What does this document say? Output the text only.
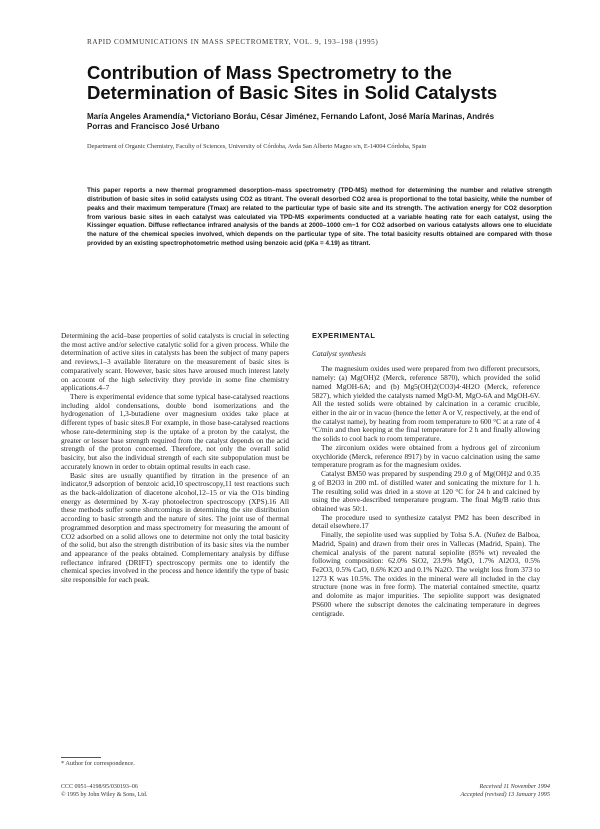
RAPID COMMUNICATIONS IN MASS SPECTROMETRY, VOL. 9, 193–198 (1995)
Contribution of Mass Spectrometry to the Determination of Basic Sites in Solid Catalysts
María Angeles Aramendía,* Victoriano Boráu, César Jiménez, Fernando Lafont, José María Marinas, Andrés Porras and Francisco José Urbano
Department of Organic Chemistry, Faculty of Sciences, University of Córdoba, Avda San Alberto Magno s/n, E-14004 Córdoba, Spain
This paper reports a new thermal programmed desorption–mass spectrometry (TPD-MS) method for determining the number and relative strength distribution of basic sites in solid catalysts using CO2 as titrant. The overall desorbed CO2 area is proportional to the total basicity, while the number of peaks and their maximum temperature (Tmax) are related to the particular type of basic site and its strength. The activation energy for CO2 desorption from various basic sites in each catalyst was calculated via TPD-MS experiments conducted at a variable heating rate for each catalyst, using the Kissinger equation. Diffuse reflectance infrared analysis of the bands at 2000–1000 cm−1 for CO2 adsorbed on various catalysts allows one to elucidate the nature of the chemical species involved, which depends on the particular type of site. The total basicity results obtained are compared with those provided by an existing spectrophotometric method using benzoic acid (pKa = 4.19) as titrant.

Determining the acid–base properties of solid catalysts is crucial in selecting the most active and/or selective catalytic solid for a given process. While the determination of active sites in catalysts has been the subject of many papers and reviews,1–3 available literature on the measurement of basic sites is comparatively scant. However, basic sites have aroused much interest lately on account of the high selectivity they provide in some fine chemistry applications.4–7

There is experimental evidence that some typical base-catalysed reactions including aldol condensations, double bond isomerizations and the hydrogenation of 1,3-butadiene over magnesium oxides take place at different types of basic sites.8 For example, in those base-catalysed reactions whose rate-determining step is the uptake of a proton by the catalyst, the greater or lesser base strength required from the catalyst depends on the acid strength of the proton concerned. Therefore, not only the overall solid basicity, but also the individual strength of each site subpopulation must be accurately known in order to obtain optimal results in each case.

Basic sites are usually quantified by titration in the presence of an indicator,9 adsorption of benzoic acid,10 spectroscopy,11 test reactions such as the back-aldolization of diacetone alcohol,12–15 or via the O1s binding energy as determined by X-ray photoelectron spectroscopy (XPS).16 All these methods suffer some shortcomings in determining the site distribution according to basic strength and the nature of sites. The joint use of thermal programmed desorption and mass spectrometry for measuring the amount of CO2 adsorbed on a solid allows one to determine not only the total basicity of the solid, but also the strength distribution of its basic sites via the number and appearance of the peaks obtained. Complementary analysis by diffuse reflectance infrared (DRIFT) spectroscopy permits one to identify the chemical species involved in the process and hence identify the type of basic site responsible for each peak.

EXPERIMENTAL
Catalyst synthesis

The magnesium oxides used were prepared from two different precursors, namely: (a) Mg(OH)2 (Merck, reference 5870), which provided the solid named MgOH-6A; and (b) Mg5(OH)2(CO3)4·4H2O (Merck, reference 5827), which yielded the catalysts named MgO-M, MgO-6A and MgOH-6V. All the tested solids were obtained by calcination in a ceramic crucible, either in the air or in vacuo (hence the letter A or V, respectively, at the end of the catalyst name), by heating from room temperature to 600 °C at a rate of 4 °C/min and then keeping at the final temperature for 2 h and finally allowing the solids to cool back to room temperature.

The zirconium oxides were obtained from a hydrous gel of zirconium oxychloride (Merck, reference 8917) by in vacuo calcination using the same temperature program as for the magnesium oxides.

Catalyst BM50 was prepared by suspending 29.0 g of Mg(OH)2 and 0.35 g of B2O3 in 200 mL of distilled water and sonicating the mixture for 1 h. The resulting solid was dried in a stove at 120 °C for 24 h and calcined by using the above-described temperature program. The final Mg/B ratio thus obtained was 50:1.

The procedure used to synthesize catalyst PM2 has been described in detail elsewhere.17

Finally, the sepiolite used was supplied by Tolsa S.A. (Nuñez de Balboa, Madrid, Spain) and drawn from their ores in Vallecas (Madrid, Spain). The chemical analysis of the parent natural sepiolite (85% wt) revealed the following composition: 62.0% SiO2, 23.9% MgO, 1.7% Al2O3, 0.5% Fe2O3, 0.5% CaO, 0.6% K2O and 0.1% Na2O. The weight loss from 373 to 1273 K was 10.5%. The oxides in the mineral were all included in the clay structure (none was in free form). The material contained smectite, quartz and dolomite as major impurities. The sepiolite support was designated PS600 where the subscript denotes the calcinating temperature in degrees centigrade.

* Author for correspondence.
CCC 0951–4198/95/030193–06
© 1995 by John Wiley & Sons, Ltd.
Received 11 November 1994
Accepted (revised) 13 January 1995
